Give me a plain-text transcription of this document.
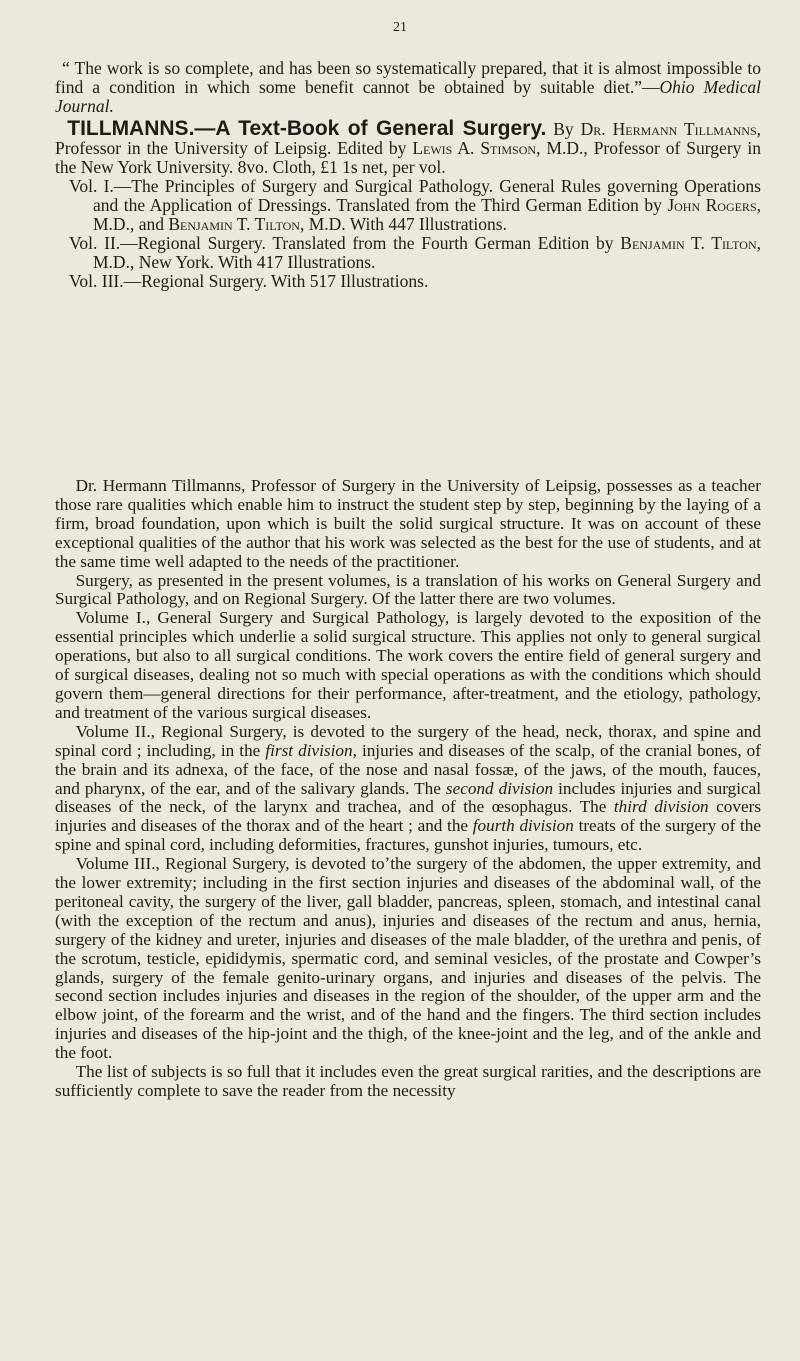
21
“ The work is so complete, and has been so systematically prepared, that it is almost impossible to find a condition in which some benefit cannot be obtained by suitable diet.”—Ohio Medical Journal.
TILLMANNS.—A Text-Book of General Surgery. By Dr. Hermann Tillmanns, Professor in the University of Leipsig. Edited by Lewis A. Stimson, M.D., Professor of Surgery in the New York University. 8vo. Cloth, £1 1s net, per vol.
Vol. I.—The Principles of Surgery and Surgical Pathology. General Rules governing Operations and the Application of Dressings. Translated from the Third German Edition by John Rogers, M.D., and Benjamin T. Tilton, M.D. With 447 Illustrations.
Vol. II.—Regional Surgery. Translated from the Fourth German Edition by Benjamin T. Tilton, M.D., New York. With 417 Illustrations.
Vol. III.—Regional Surgery. With 517 Illustrations.

Dr. Hermann Tillmanns, Professor of Surgery in the University of Leipsig, possesses as a teacher those rare qualities which enable him to instruct the student step by step, beginning by the laying of a firm, broad foundation, upon which is built the solid surgical structure. It was on account of these exceptional qualities of the author that his work was selected as the best for the use of students, and at the same time well adapted to the needs of the practitioner.

Surgery, as presented in the present volumes, is a translation of his works on General Surgery and Surgical Pathology, and on Regional Surgery. Of the latter there are two volumes.

Volume I., General Surgery and Surgical Pathology, is largely devoted to the exposition of the essential principles which underlie a solid surgical structure. This applies not only to general surgical operations, but also to all surgical conditions. The work covers the entire field of general surgery and of surgical diseases, dealing not so much with special operations as with the conditions which should govern them—general directions for their performance, after-treatment, and the etiology, pathology, and treatment of the various surgical diseases.

Volume II., Regional Surgery, is devoted to the surgery of the head, neck, thorax, and spine and spinal cord ; including, in the first division, injuries and diseases of the scalp, of the cranial bones, of the brain and its adnexa, of the face, of the nose and nasal fossæ, of the jaws, of the mouth, fauces, and pharynx, of the ear, and of the salivary glands. The second division includes injuries and surgical diseases of the neck, of the larynx and trachea, and of the œsophagus. The third division covers injuries and diseases of the thorax and of the heart ; and the fourth division treats of the surgery of the spine and spinal cord, including deformities, fractures, gunshot injuries, tumours, etc.

Volume III., Regional Surgery, is devoted toʼthe surgery of the abdomen, the upper extremity, and the lower extremity; including in the first section injuries and diseases of the abdominal wall, of the peritoneal cavity, the surgery of the liver, gall bladder, pancreas, spleen, stomach, and intestinal canal (with the exception of the rectum and anus), injuries and diseases of the rectum and anus, hernia, surgery of the kidney and ureter, injuries and diseases of the male bladder, of the urethra and penis, of the scrotum, testicle, epididymis, spermatic cord, and seminal vesicles, of the prostate and Cowper’s glands, surgery of the female genito-urinary organs, and injuries and diseases of the pelvis. The second section includes injuries and diseases in the region of the shoulder, of the upper arm and the elbow joint, of the forearm and the wrist, and of the hand and the fingers. The third section includes injuries and diseases of the hip-joint and the thigh, of the knee-joint and the leg, and of the ankle and the foot.

The list of subjects is so full that it includes even the great surgical rarities, and the descriptions are sufficiently complete to save the reader from the necessity
